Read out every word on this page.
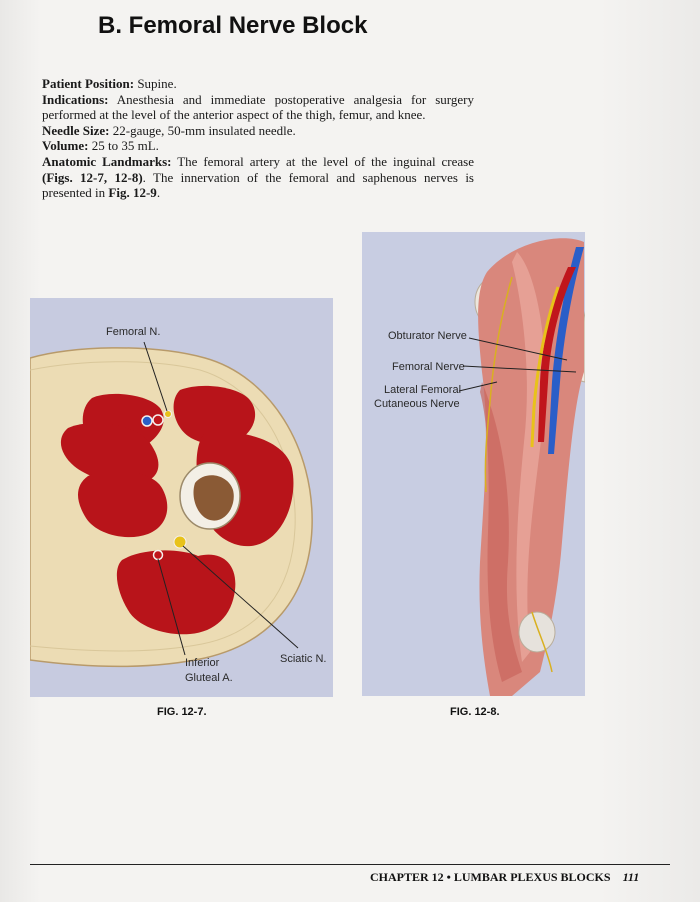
B. Femoral Nerve Block

Patient Position: Supine.

Indications: Anesthesia and immediate postoperative analgesia for surgery performed at the level of the anterior aspect of the thigh, femur, and knee.

Needle Size: 22-gauge, 50-mm insulated needle.

Volume: 25 to 35 mL.

Anatomic Landmarks: The femoral artery at the level of the inguinal crease (Figs. 12-7, 12-8). The innervation of the femoral and saphenous nerves is presented in Fig. 12-9.

Femoral N.
Inferior
Gluteal A.
Sciatic N.
FIG. 12-7.
Obturator Nerve
Femoral Nerve
Lateral Femoral
Cutaneous Nerve
FIG. 12-8.
CHAPTER 12 • LUMBAR PLEXUS BLOCKS 111
